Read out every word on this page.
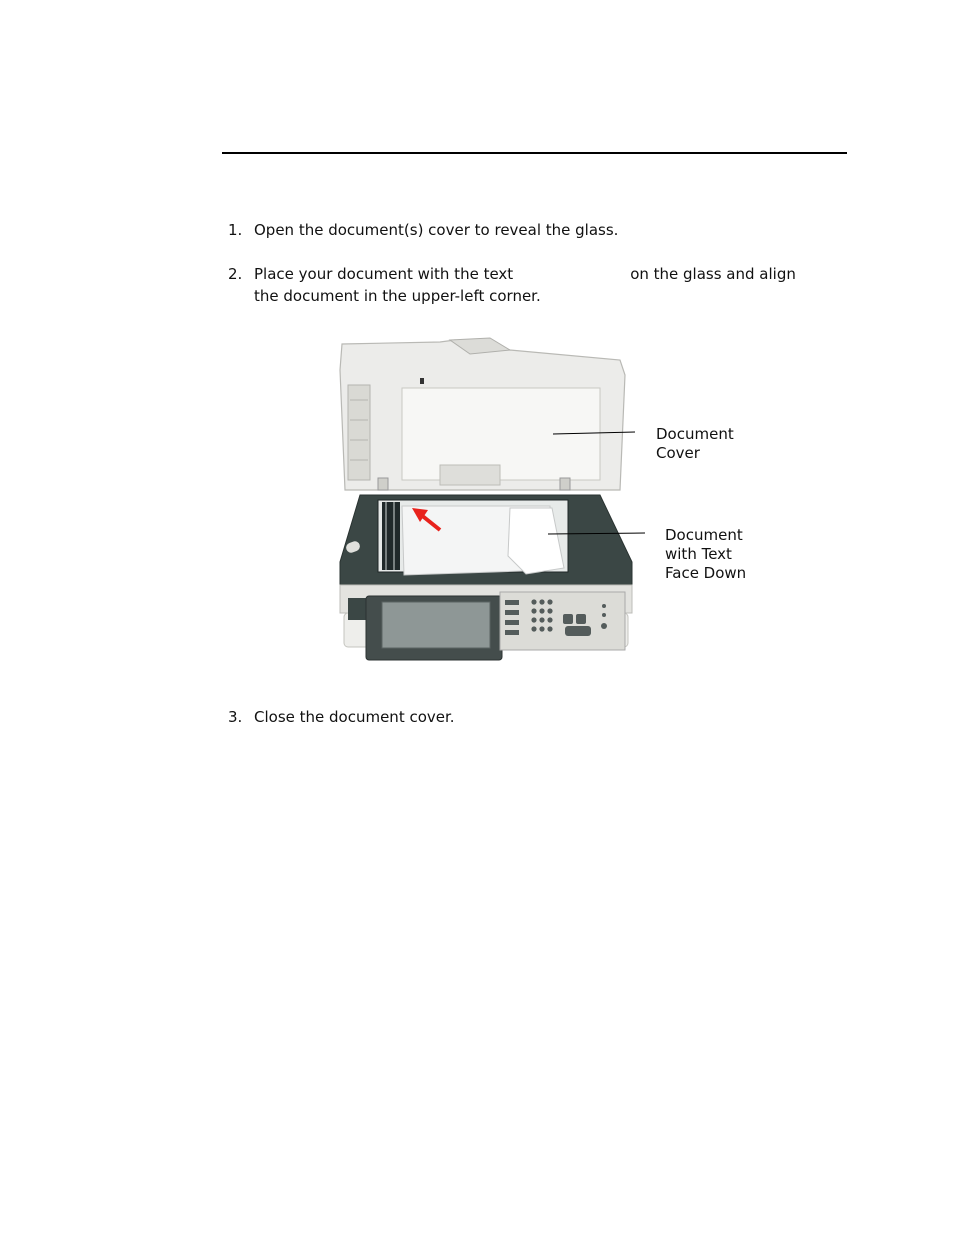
1. Open the document(s) cover to reveal the glass.
2. Place your document with the text	on the glass and align
the document in the upper-left corner.
Document
Cover
Document
with Text
Face Down
3. Close the document cover.
